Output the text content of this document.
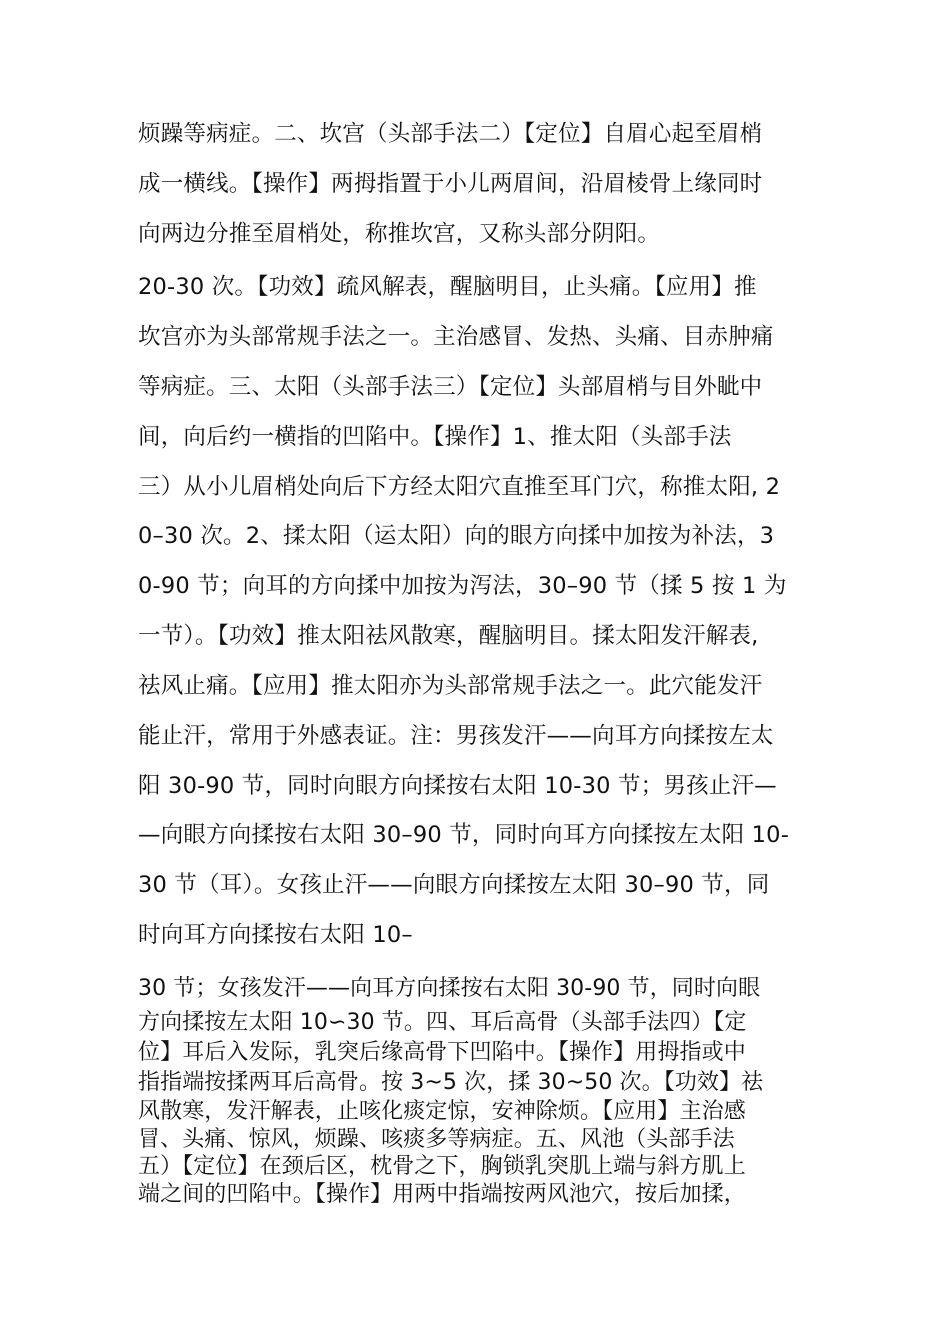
烦躁等病症。二、坎宫（头部手法二）【定位】自眉心起至眉梢
成一横线。【操作】两拇指置于小儿两眉间，沿眉棱骨上缘同时
向两边分推至眉梢处，称推坎宫，又称头部分阴阳。
20-30 次。【功效】疏风解表，醒脑明目，止头痛。【应用】推
坎宫亦为头部常规手法之一。主治感冒、发热、头痛、目赤肿痛
等病症。三、太阳（头部手法三）【定位】头部眉梢与目外眦中
间，向后约一横指的凹陷中。【操作】1、推太阳（头部手法
三）从小儿眉梢处向后下方经太阳穴直推至耳门穴，称推太阳, 2
0–30 次。2、揉太阳（运太阳）向的眼方向揉中加按为补法，3
0-90 节；向耳的方向揉中加按为泻法，30–90 节（揉 5 按 1 为
一节）。【功效】推太阳祛风散寒，醒脑明目。揉太阳发汗解表,
祛风止痛。【应用】推太阳亦为头部常规手法之一。此穴能发汗
能止汗，常用于外感表证。注：男孩发汗——向耳方向揉按左太
阳 30-90 节，同时向眼方向揉按右太阳 10-30 节；男孩止汗—
—向眼方向揉按右太阳 30–90 节，同时向耳方向揉按左太阳 10-
30 节（耳）。女孩止汗——向眼方向揉按左太阳 30–90 节，同
时向耳方向揉按右太阳 10–
30 节；女孩发汗——向耳方向揉按右太阳 30-90 节，同时向眼
方向揉按左太阳 10∽30 节。四、耳后高骨（头部手法四）【定
位】耳后入发际，乳突后缘高骨下凹陷中。【操作】用拇指或中
指指端按揉两耳后高骨。按 3~5 次，揉 30~50 次。【功效】祛
风散寒，发汗解表，止咳化痰定惊，安神除烦。【应用】主治感
冒、头痛、惊风，烦躁、咳痰多等病症。五、风池（头部手法
五）【定位】在颈后区，枕骨之下，胸锁乳突肌上端与斜方肌上
端之间的凹陷中。【操作】用两中指端按两风池穴，按后加揉，
